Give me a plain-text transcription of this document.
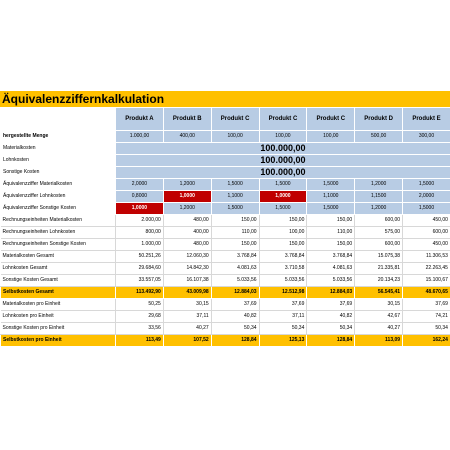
Äquivalenzziffernkalkulation
	Produkt A	Produkt B	Produkt C	Produkt C	Produkt C	Produkt D	Produkt E
hergestellte Menge	1.000,00	400,00	100,00	100,00	100,00	500,00	300,00
Materialkosten	100.000,00						
Lohnkosten	100.000,00						
Sonstige Kosten	100.000,00						
Äquivalenzziffer Materialkosten	2,0000	1,2000	1,5000	1,5000	1,5000	1,2000	1,5000
Äquivalenzziffer Lohnkosten	0,8000	1,0000	1,1000	1,0000	1,1000	1,1500	2,0000
Äquivalenzziffer Sonstige Kosten	1,0000	1,2000	1,5000	1,5000	1,5000	1,2000	1,5000
Rechnungseinheiten Materialkosten	2.000,00	480,00	150,00	150,00	150,00	600,00	450,00
Rechnungseinheiten Lohnkosten	800,00	400,00	110,00	100,00	110,00	575,00	600,00
Rechnungseinheiten Sonstige Kosten	1.000,00	480,00	150,00	150,00	150,00	600,00	450,00
Materialkosten Gesamt	50.251,26	12.060,30	3.768,84	3.768,84	3.768,84	15.075,38	11.306,53
Lohnkosten Gesamt	29.684,60	14.842,30	4.081,63	3.710,58	4.081,63	21.335,81	22.263,45
Sonstige Kosten Gesamt	33.557,05	16.107,38	5.033,56	5.033,56	5.033,56	20.134,23	15.100,67
Selbstkosten Gesamt	113.492,90	43.009,98	12.884,03	12.512,98	12.884,03	56.545,41	48.670,65
Materialkosten pro Einheit	50,25	30,15	37,69	37,69	37,69	30,15	37,69
Lohnkosten pro Einheit	29,68	37,11	40,82	37,11	40,82	42,67	74,21
Sonstige Kosten pro Einheit	33,56	40,27	50,34	50,34	50,34	40,27	50,34
Selbstkosten pro Einheit	113,49	107,52	128,84	125,13	128,84	113,09	162,24
